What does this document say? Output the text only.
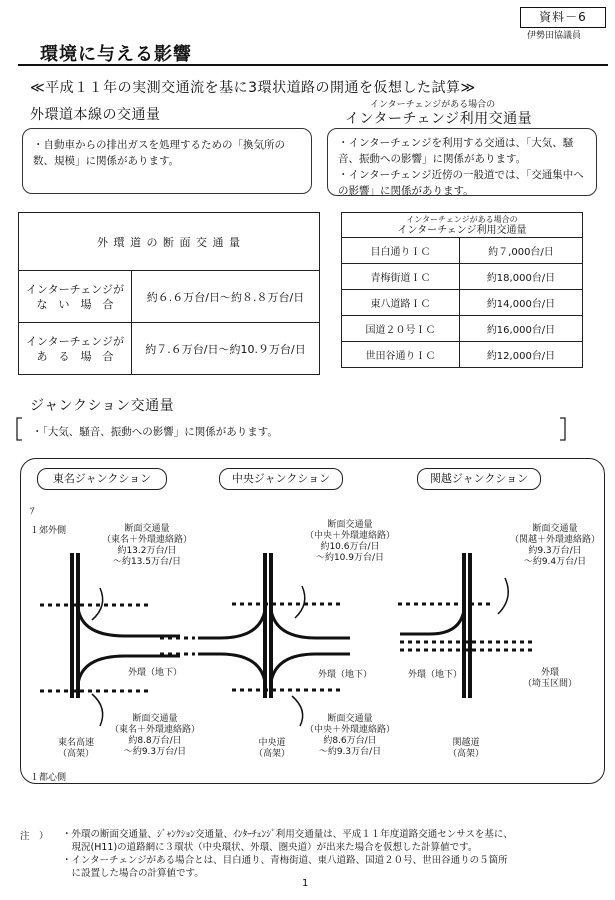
資料－6
伊勢田協議員
環境に与える影響
≪平成１１年の実測交通流を基に3環状道路の開通を仮想した試算≫
外環道本線の交通量
・自動車からの排出ガスを処理するための「換気所の数、規模」に関係があります。
インターチェンジがある場合の
インターチェンジ利用交通量
・インターチェンジを利用する交通は、「大気、騒音、振動への影響」に関係があります。
・インターチェンジ近傍の一般道では、「交通集中への影響」に関係があります。
外 環 道 の 断 面 交 通 量	
インターチェンジが
な　い　場　合	約６.６万台/日～約８.８万台/日
インターチェンジが
あ　る　場　合	約７.６万台/日～約10.９万台/日
インターチェンジがある場合の
インターチェンジ利用交通量	

目白通りＩＣ	約７,000台/日
青梅街道ＩＣ	約18,000台/日
東八道路ＩＣ	約14,000台/日
国道２０号ＩＣ	約16,000台/日
世田谷通りＩＣ	約12,000台/日
ジャンクション交通量
・「大気、騒音、振動への影響」に関係があります。
東名ジャンクション	中央ジャンクション	関越ジャンクション
ｱ
１郊外側
１都心側
断面交通量
（東名＋外環連絡路）
約13.2万台/日
～約13.5万台/日
外環（地下）
断面交通量
（東名＋外環連絡路）
約8.8万台/日
～約9.3万台/日
東名高速
（高架）
断面交通量
（中央＋外環連絡路）
約10.6万台/日
～約10.9万台/日
外環（地下）
断面交通量
（中央＋外環連絡路）
約8.6万台/日
～約9.3万台/日
中央道
（高架）
断面交通量
（関越＋外環連絡路）
約9.3万台/日
～約9.4万台/日
外環（地下）	外環
（埼玉区間）
関越道
（高架）
注　） ・外環の断面交通量、ｼﾞｬﾝｸｼｮﾝ交通量、ｲﾝﾀｰﾁｪﾝｼﾞ利用交通量は、平成１１年度道路交通センサスを基に、
　現況(H11)の道路網に３環状（中央環状、外環、圏央道）が出来た場合を仮想した計算値です。
・インターチェンジがある場合とは、目白通り、青梅街道、東八道路、国道２０号、世田谷通りの５箇所
　に設置した場合の計算値です。
1
